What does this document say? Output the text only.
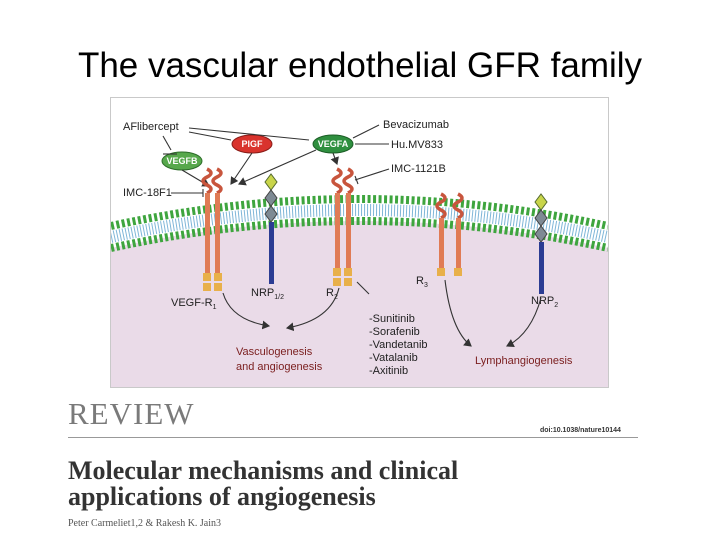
The vascular endothelial GFR family
VEGFB
PlGF	VEGFA
AFlibercept	Bevacizumab
Hu.MV833
IMC-1121B
IMC-18F1
VEGF-$R_1$
$NRP_{1/2}$	$R_2$
$R_3$
$NRP_2$
-Sunitinib
-Sorafenib
-Vandetanib
-Vatalanib
-Axitinib
Vasculogenesis
and angiogenesis	Lymphangiogenesis
REVIEW	doi:10.1038/nature10144
Molecular mechanisms and clinical
applications of angiogenesis
Peter Carmeliet1,2 & Rakesh K. Jain3
